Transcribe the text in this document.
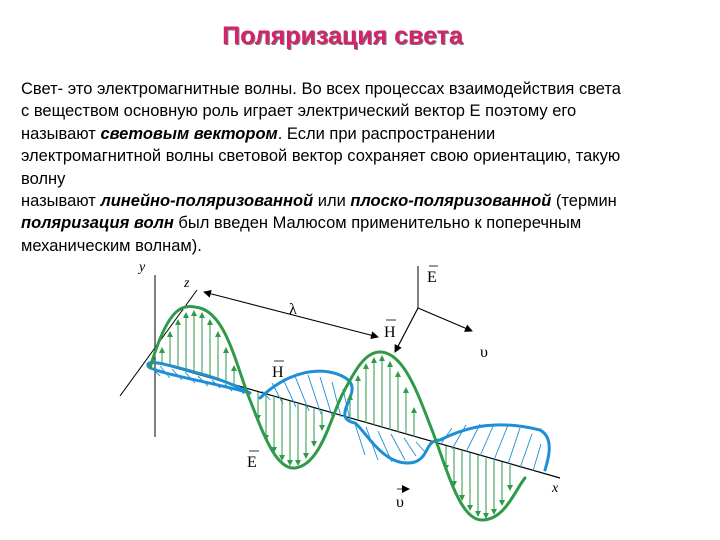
Поляризация света
Свет- это электромагнитные волны. Во всех процессах взаимодействия света
с веществом основную роль играет электрический вектор Е поэтому его
называют световым вектором. Если при распространении
электромагнитной волны световой вектор сохраняет свою ориентацию, такую
волну
называют линейно-поляризованной или плоско-поляризованной (термин
поляризация волн был введен Малюсом применительно к поперечным
механическим волнам).
y
z
x
λ
H
E
E
H
υ
υ
